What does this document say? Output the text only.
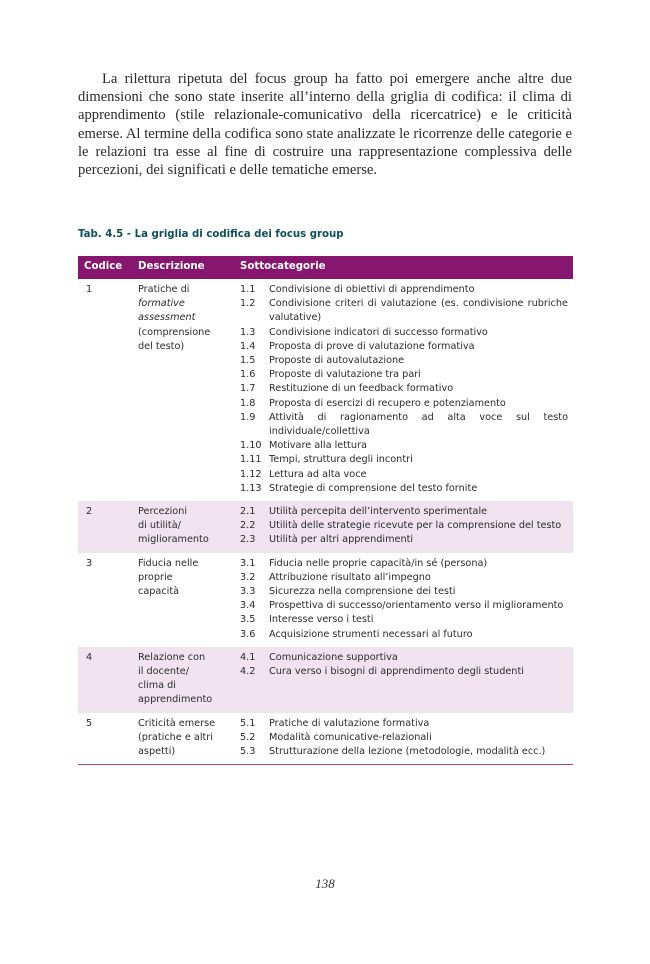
La rilettura ripetuta del focus group ha fatto poi emergere anche altre due dimensioni che sono state inserite all’interno della griglia di codifica: il clima di apprendimento (stile relazionale-comunicativo della ricercatrice) e le criticità emerse. Al termine della codifica sono state analizzate le ricorrenze delle categorie e le relazioni tra esse al fine di costruire una rappresentazione complessiva delle percezioni, dei significati e delle tematiche emerse.

Tab. 4.5 - La griglia di codifica dei focus group

Codice	Descrizione	Sottocategorie
1	Pratiche di
formative
assessment
(comprensione
del testo)
1.1	Condivisione di obiettivi di apprendimento
1.2	Condivisione criteri di valutazione (es. condivisione rubriche valutative)
1.3	Condivisione indicatori di successo formativo
1.4	Proposta di prove di valutazione formativa
1.5	Proposte di autovalutazione
1.6	Proposte di valutazione tra pari
1.7	Restituzione di un feedback formativo
1.8	Proposta di esercizi di recupero e potenziamento
1.9	Attività di ragionamento ad alta voce sul testo individuale/collettiva
1.10 Motivare alla lettura
1.11 Tempi, struttura degli incontri
1.12 Lettura ad alta voce
1.13 Strategie di comprensione del testo fornite
2	Percezioni
di utilità/
miglioramento
2.1	Utilità percepita dell’intervento sperimentale
2.2	Utilità delle strategie ricevute per la comprensione del testo
2.3	Utilità per altri apprendimenti
3	Fiducia nelle
proprie
capacità
3.1	Fiducia nelle proprie capacità/in sé (persona)
3.2	Attribuzione risultato all’impegno
3.3	Sicurezza nella comprensione dei testi
3.4	Prospettiva di successo/orientamento verso il miglioramento
3.5	Interesse verso i testi
3.6	Acquisizione strumenti necessari al futuro
4	Relazione con
il docente/
clima di
apprendimento
4.1	Comunicazione supportiva
4.2	Cura verso i bisogni di apprendimento degli studenti
5	Criticità emerse
(pratiche e altri
aspetti)
5.1	Pratiche di valutazione formativa
5.2	Modalità comunicative-relazionali
5.3	Strutturazione della lezione (metodologie, modalità ecc.)
138
